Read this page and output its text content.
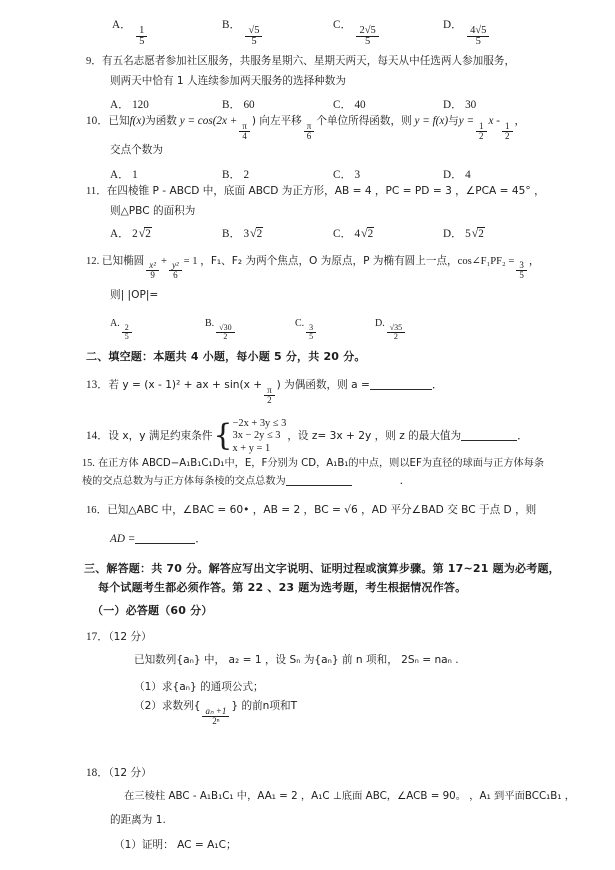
A．
$\frac{1}{5}$
B．
$\frac{√5}{5}$
C．
$\frac{2√5}{5}$
D．
$\frac{4√5}{5}$
9．有五名志愿者参加社区服务，共服务星期六、星期天两天，每天从中任选两人参加服务，
则两天中恰有 1 人连续参加两天服务的选择种数为
A． 120	B． 60	C． 40	D． 30
10．已知f(x)为函数 y = cos(2x +
$\frac{\pi}{4}$
) 向左平移
$\frac{\pi}{6}$
个单位所得函数，则 y = f(x)与y =
$\frac{1}{2}$
x -
$\frac{1}{2}$
，
交点个数为
A． 1	B． 2	C． 3	D． 4
11．在四棱锥 P - ABCD 中，底面 ABCD 为正方形，AB = 4 ，PC = PD = 3 ，∠PCA = 45° ，
则△PBC 的面积为
A． 2√2	B． 3√2	C． 4√2	D． 5√2
12. 已知椭圆
$\frac{\text{x²}}{9} + \frac{\text{y²}}{6} = 1$ ，F₁、F₂ 为两个焦点，O 为原点，P 为椭有圆上一点，cos∠F₁PF₂ = $\frac{3}{5}$
，
则| |OP|=
A.
$\frac{2}{5}$
B.
$\frac{√30}{2}$
C.
$\frac{3}{5}$
D.
$\frac{√35}{2}$
二、填空题：本题共 4 小题，每小题 5 分，共 20 分。
13．若 y = (x - 1)² + ax + sin(x +
$\frac{\pi}{2}$
) 为偶函数，则 a =	．
14．设 x，y 满足约束条件 { −2x + 3y ≤ 3
3x − 2y ≤ 3
x + y = 1
，设 z= 3x + 2y ，则 z 的最大值为	．
15. 在正方体 ABCD−A₁B₁C₁D₁中，E，F分别为 CD，A₁B₁的中点，则以EF为直径的球面与正方体每条
棱的交点总数为与正方体每条棱的交点总数为	．
16．已知△ABC 中，∠BAC = 60• ，AB = 2 ，BC = √6 ，AD 平分∠BAD 交 BC 于点 D ，则
AD =	．
三、解答题：共 70 分。解答应写出文字说明、证明过程或演算步骤。第 17~21 题为必考题，
每个试题考生都必须作答。第 22 、23 题为选考题，考生根据情况作答。
（一）必答题（60 分）
17．（12 分）
已知数列{aₙ} 中， a₂ = 1 ，设 Sₙ 为{aₙ} 前 n 项和， 2Sₙ = naₙ .
（1）求{aₙ} 的通项公式；
（2）求数列{
$\frac{\text{aₙ +1}}{\text{2ⁿ}}$
} 的前n项和T
18．（12 分）
在三棱柱 ABC - A₁B₁C₁ 中，AA₁ = 2 ，A₁C ⊥底面 ABC，∠ACB = 90。 ，A₁ 到平面BCC₁B₁ ，
的距离为 1.
（1）证明： AC = A₁C；
